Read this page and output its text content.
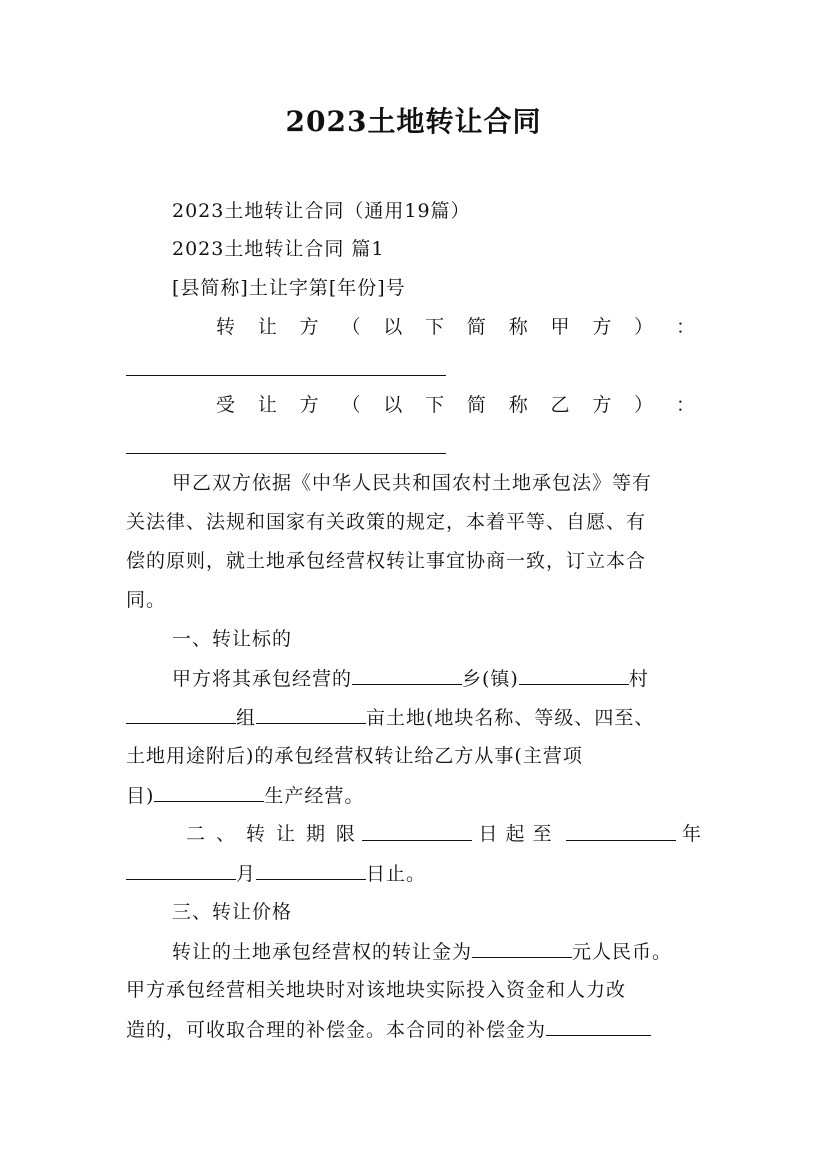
2023土地转让合同
2023土地转让合同（通用19篇）
2023土地转让合同 篇1
[县简称]土让字第[年份]号
转 让 方 （ 以 下 简 称 甲 方 ） ：
受 让 方 （ 以 下 简 称 乙 方 ） ：
甲乙双方依据《中华人民共和国农村土地承包法》等有
关法律、法规和国家有关政策的规定，本着平等、自愿、有
偿的原则，就土地承包经营权转让事宜协商一致，订立本合
同。
一、转让标的
甲方将其承包经营的	乡(镇)	村
组	亩土地(地块名称、等级、四至、
土地用途附后)的承包经营权转让给乙方从事(主营项
目)	生产经营。
二 、 转 让 期 限	日起至	年
月	日止。
三、转让价格
转让的土地承包经营权的转让金为	元人民币。
甲方承包经营相关地块时对该地块实际投入资金和人力改
造的，可收取合理的补偿金。本合同的补偿金为
